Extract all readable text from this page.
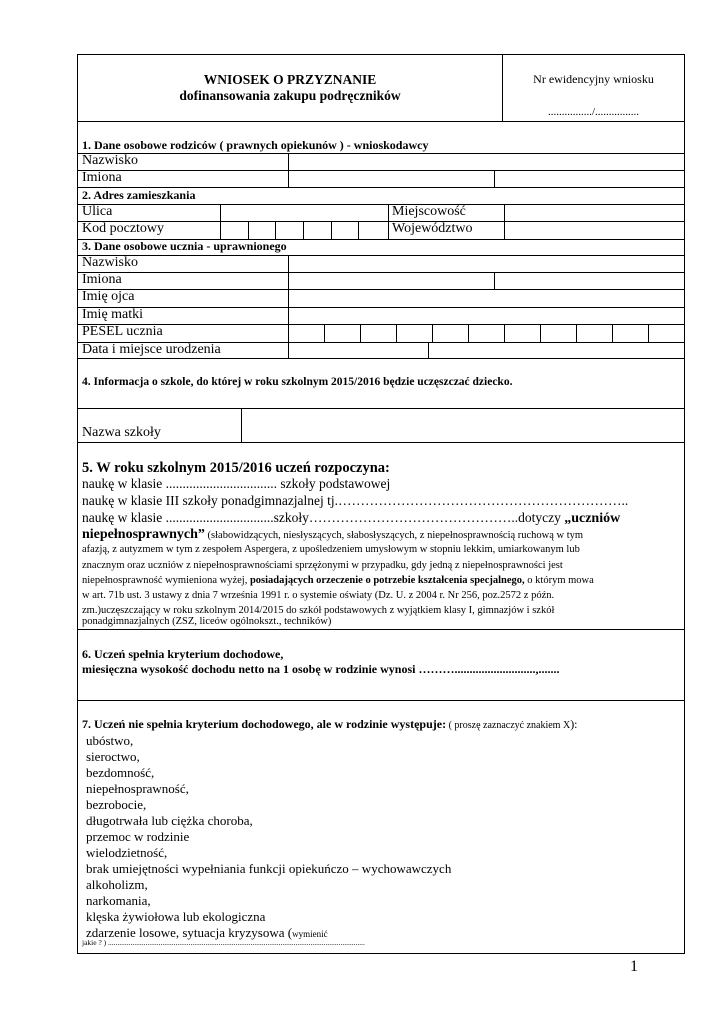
WNIOSEK O PRZYZNANIE
dofinansowania zakupu podręczników
Nr ewidencyjny wniosku
................/................
1. Dane osobowe rodziców ( prawnych opiekunów ) - wnioskodawcy
Nazwisko
Imiona
2. Adres zamieszkania
Ulica	Miejscowość
Kod pocztowy	Województwo
3. Dane osobowe ucznia - uprawnionego
Nazwisko
Imiona
Imię ojca
Imię matki
PESEL ucznia
Data i miejsce urodzenia
4. Informacja o szkole, do której w roku szkolnym 2015/2016 będzie uczęszczać dziecko.
Nazwa szkoły
5. W roku szkolnym 2015/2016 uczeń rozpoczyna:
naukę w klasie ................................. szkoły podstawowej
naukę w klasie III szkoły ponadgimnazjalnej tj.………………………………………………………..
naukę w klasie ................................szkoły………………………………………..dotyczy „uczniów
niepełnosprawnych” (słabowidzących, niesłyszących, słabosłyszących, z niepełnosprawnością ruchową w tym
afazją, z autyzmem w tym z zespołem Aspergera, z upośledzeniem umysłowym w stopniu lekkim, umiarkowanym lub
znacznym oraz uczniów z niepełnosprawnościami sprzężonymi w przypadku, gdy jedną z niepełnosprawności jest
niepełnosprawność wymieniona wyżej, posiadających orzeczenie o potrzebie kształcenia specjalnego, o którym mowa
w art. 71b ust. 3 ustawy z dnia 7 września 1991 r. o systemie oświaty (Dz. U. z 2004 r. Nr 256, poz.2572 z późn.
zm.)uczęszczający w roku szkolnym 2014/2015 do szkół podstawowych z wyjątkiem klasy I, gimnazjów i szkół
ponadgimnazjalnych (ZSZ, liceów ogólnokszt., techników)
6. Uczeń spełnia kryterium dochodowe,
miesięczna wysokość dochodu netto na 1 osobę w rodzinie wynosi ………...........................,.......
7. Uczeń nie spełnia kryterium dochodowego, ale w rodzinie występuje: ( proszę zaznaczyć znakiem X):
ubóstwo,
sieroctwo,
bezdomność,
niepełnosprawność,
bezrobocie,
długotrwała lub ciężka choroba,
przemoc w rodzinie
wielodzietność,
brak umiejętności wypełniania funkcji opiekuńczo – wychowawczych
alkoholizm,
narkomania,
klęska żywiołowa lub ekologiczna
zdarzenie losowe, sytuacja kryzysowa (wymienić
jakie ? ) .........................................................................................................................................
1
